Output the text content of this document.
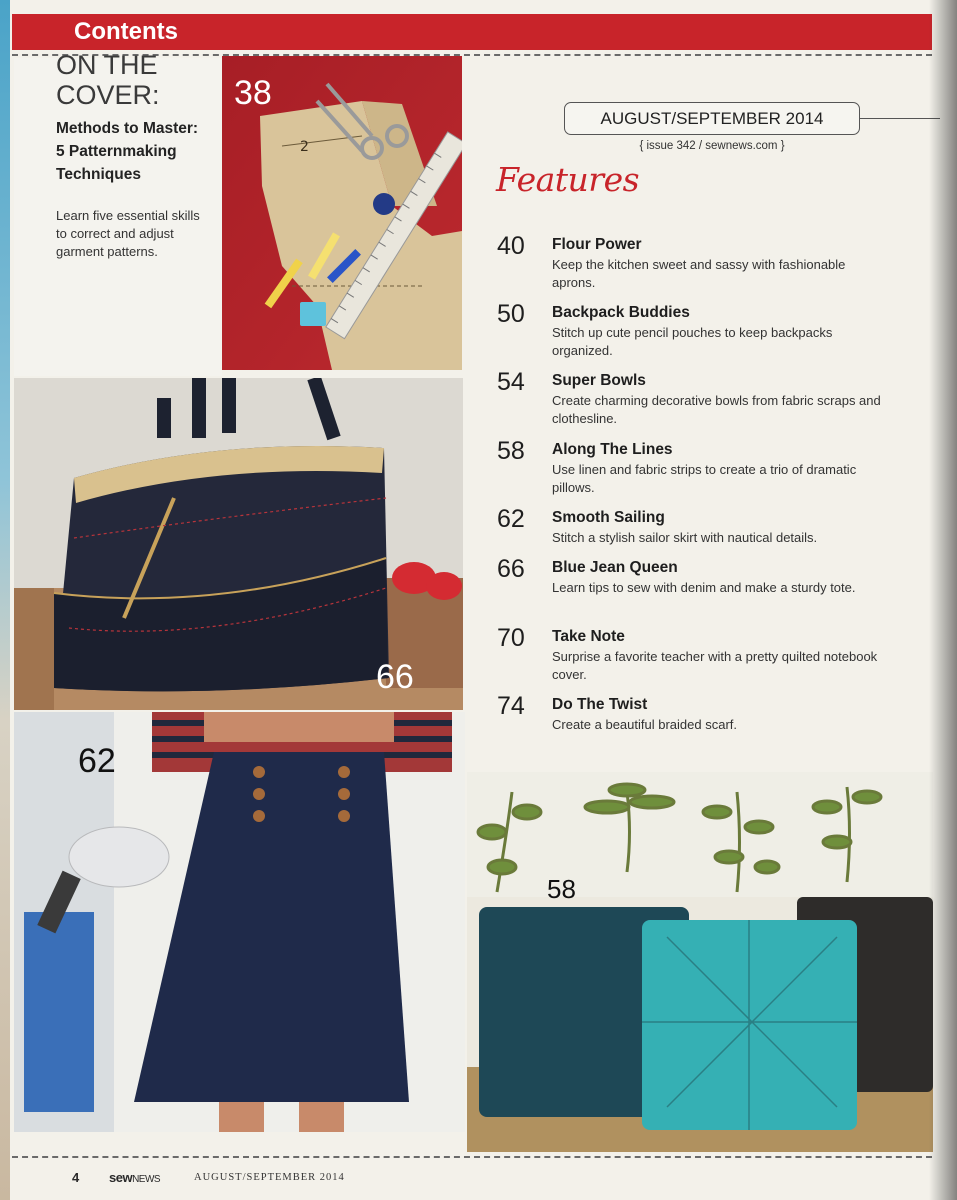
Contents
ON THE
COVER:
Methods to Master: 5 Patternmaking Techniques
Learn five essential skills to correct and adjust garment patterns.
2
38
66
62
AUGUST/SEPTEMBER 2014
{ issue 342 / sewnews.com }
Features
40	Flour Power
Keep the kitchen sweet and sassy with fashionable aprons.
50	Backpack Buddies
Stitch up cute pencil pouches to keep backpacks organized.
54	Super Bowls
Create charming decorative bowls from fabric scraps and clothesline.
58	Along The Lines
Use linen and fabric strips to create a trio of dramatic pillows.
62	Smooth Sailing
Stitch a stylish sailor skirt with nautical details.
66	Blue Jean Queen
Learn tips to sew with denim and make a sturdy tote.
70	Take Note
Surprise a favorite teacher with a pretty quilted notebook cover.
74	Do The Twist
Create a beautiful braided scarf.
58
4 sewNEWS	AUGUST/SEPTEMBER 2014
